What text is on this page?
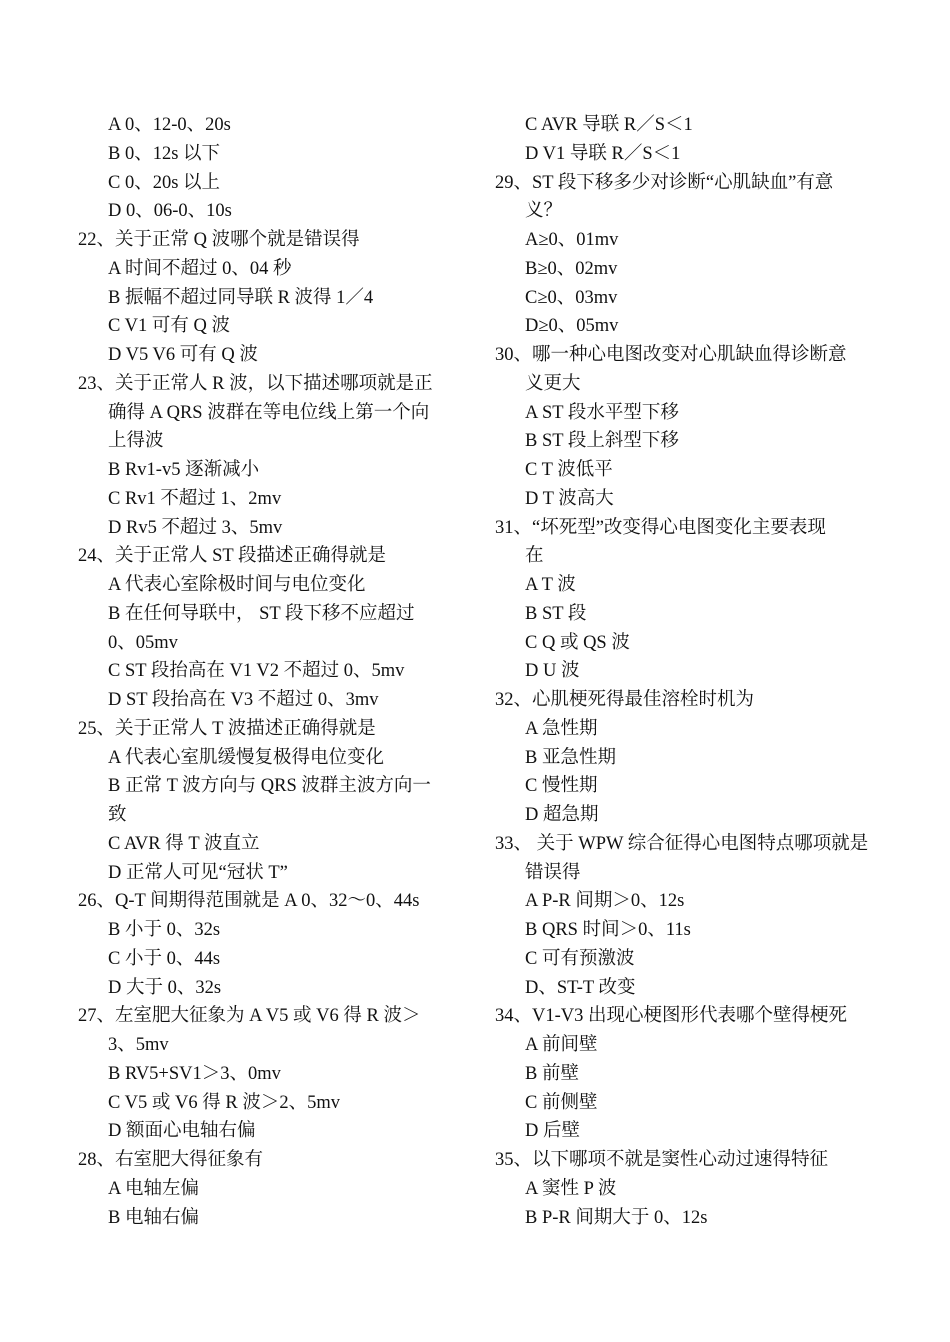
A 0、12-0、20s
B 0、12s 以下
C 0、20s 以上
D 0、06-0、10s
22、关于正常 Q 波哪个就是错误得
A 时间不超过 0、04 秒
B 振幅不超过同导联 R 波得 1／4
C V1 可有 Q 波
D V5 V6 可有 Q 波
23、关于正常人 R 波，以下描述哪项就是正
确得 A QRS 波群在等电位线上第一个向
上得波
B Rv1-v5 逐渐减小
C Rv1 不超过 1、2mv
D Rv5 不超过 3、5mv
24、关于正常人 ST 段描述正确得就是
A 代表心室除极时间与电位变化
B 在任何导联中， ST 段下移不应超过
0、05mv
C ST 段抬高在 V1 V2 不超过 0、5mv
D ST 段抬高在 V3 不超过 0、3mv
25、关于正常人 T 波描述正确得就是
A 代表心室肌缓慢复极得电位变化
B 正常 T 波方向与 QRS 波群主波方向一
致
C AVR 得 T 波直立
D 正常人可见“冠状 T”
26、Q-T 间期得范围就是 A 0、32～0、44s
B 小于 0、32s
C 小于 0、44s
D 大于 0、32s
27、左室肥大征象为 A V5 或 V6 得 R 波＞
3、5mv
B RV5+SV1＞3、0mv
C V5 或 V6 得 R 波＞2、5mv
D 额面心电轴右偏
28、右室肥大得征象有
A 电轴左偏
B 电轴右偏
C AVR 导联 R／S＜1
D V1 导联 R／S＜1
29、ST 段下移多少对诊断“心肌缺血”有意
义？
A≥0、01mv
B≥0、02mv
C≥0、03mv
D≥0、05mv
30、哪一种心电图改变对心肌缺血得诊断意
义更大
A ST 段水平型下移
B ST 段上斜型下移
C T 波低平
D T 波高大
31、“坏死型”改变得心电图变化主要表现
在
A T 波
B ST 段
C Q 或 QS 波
D U 波
32、心肌梗死得最佳溶栓时机为
A 急性期
B 亚急性期
C 慢性期
D 超急期
33、 关于 WPW 综合征得心电图特点哪项就是
错误得
A P-R 间期＞0、12s
B QRS 时间＞0、11s
C 可有预激波
D、ST-T 改变
34、V1-V3 出现心梗图形代表哪个壁得梗死
A 前间壁
B 前壁
C 前侧壁
D 后壁
35、以下哪项不就是窦性心动过速得特征
A 窦性 P 波
B P-R 间期大于 0、12s
